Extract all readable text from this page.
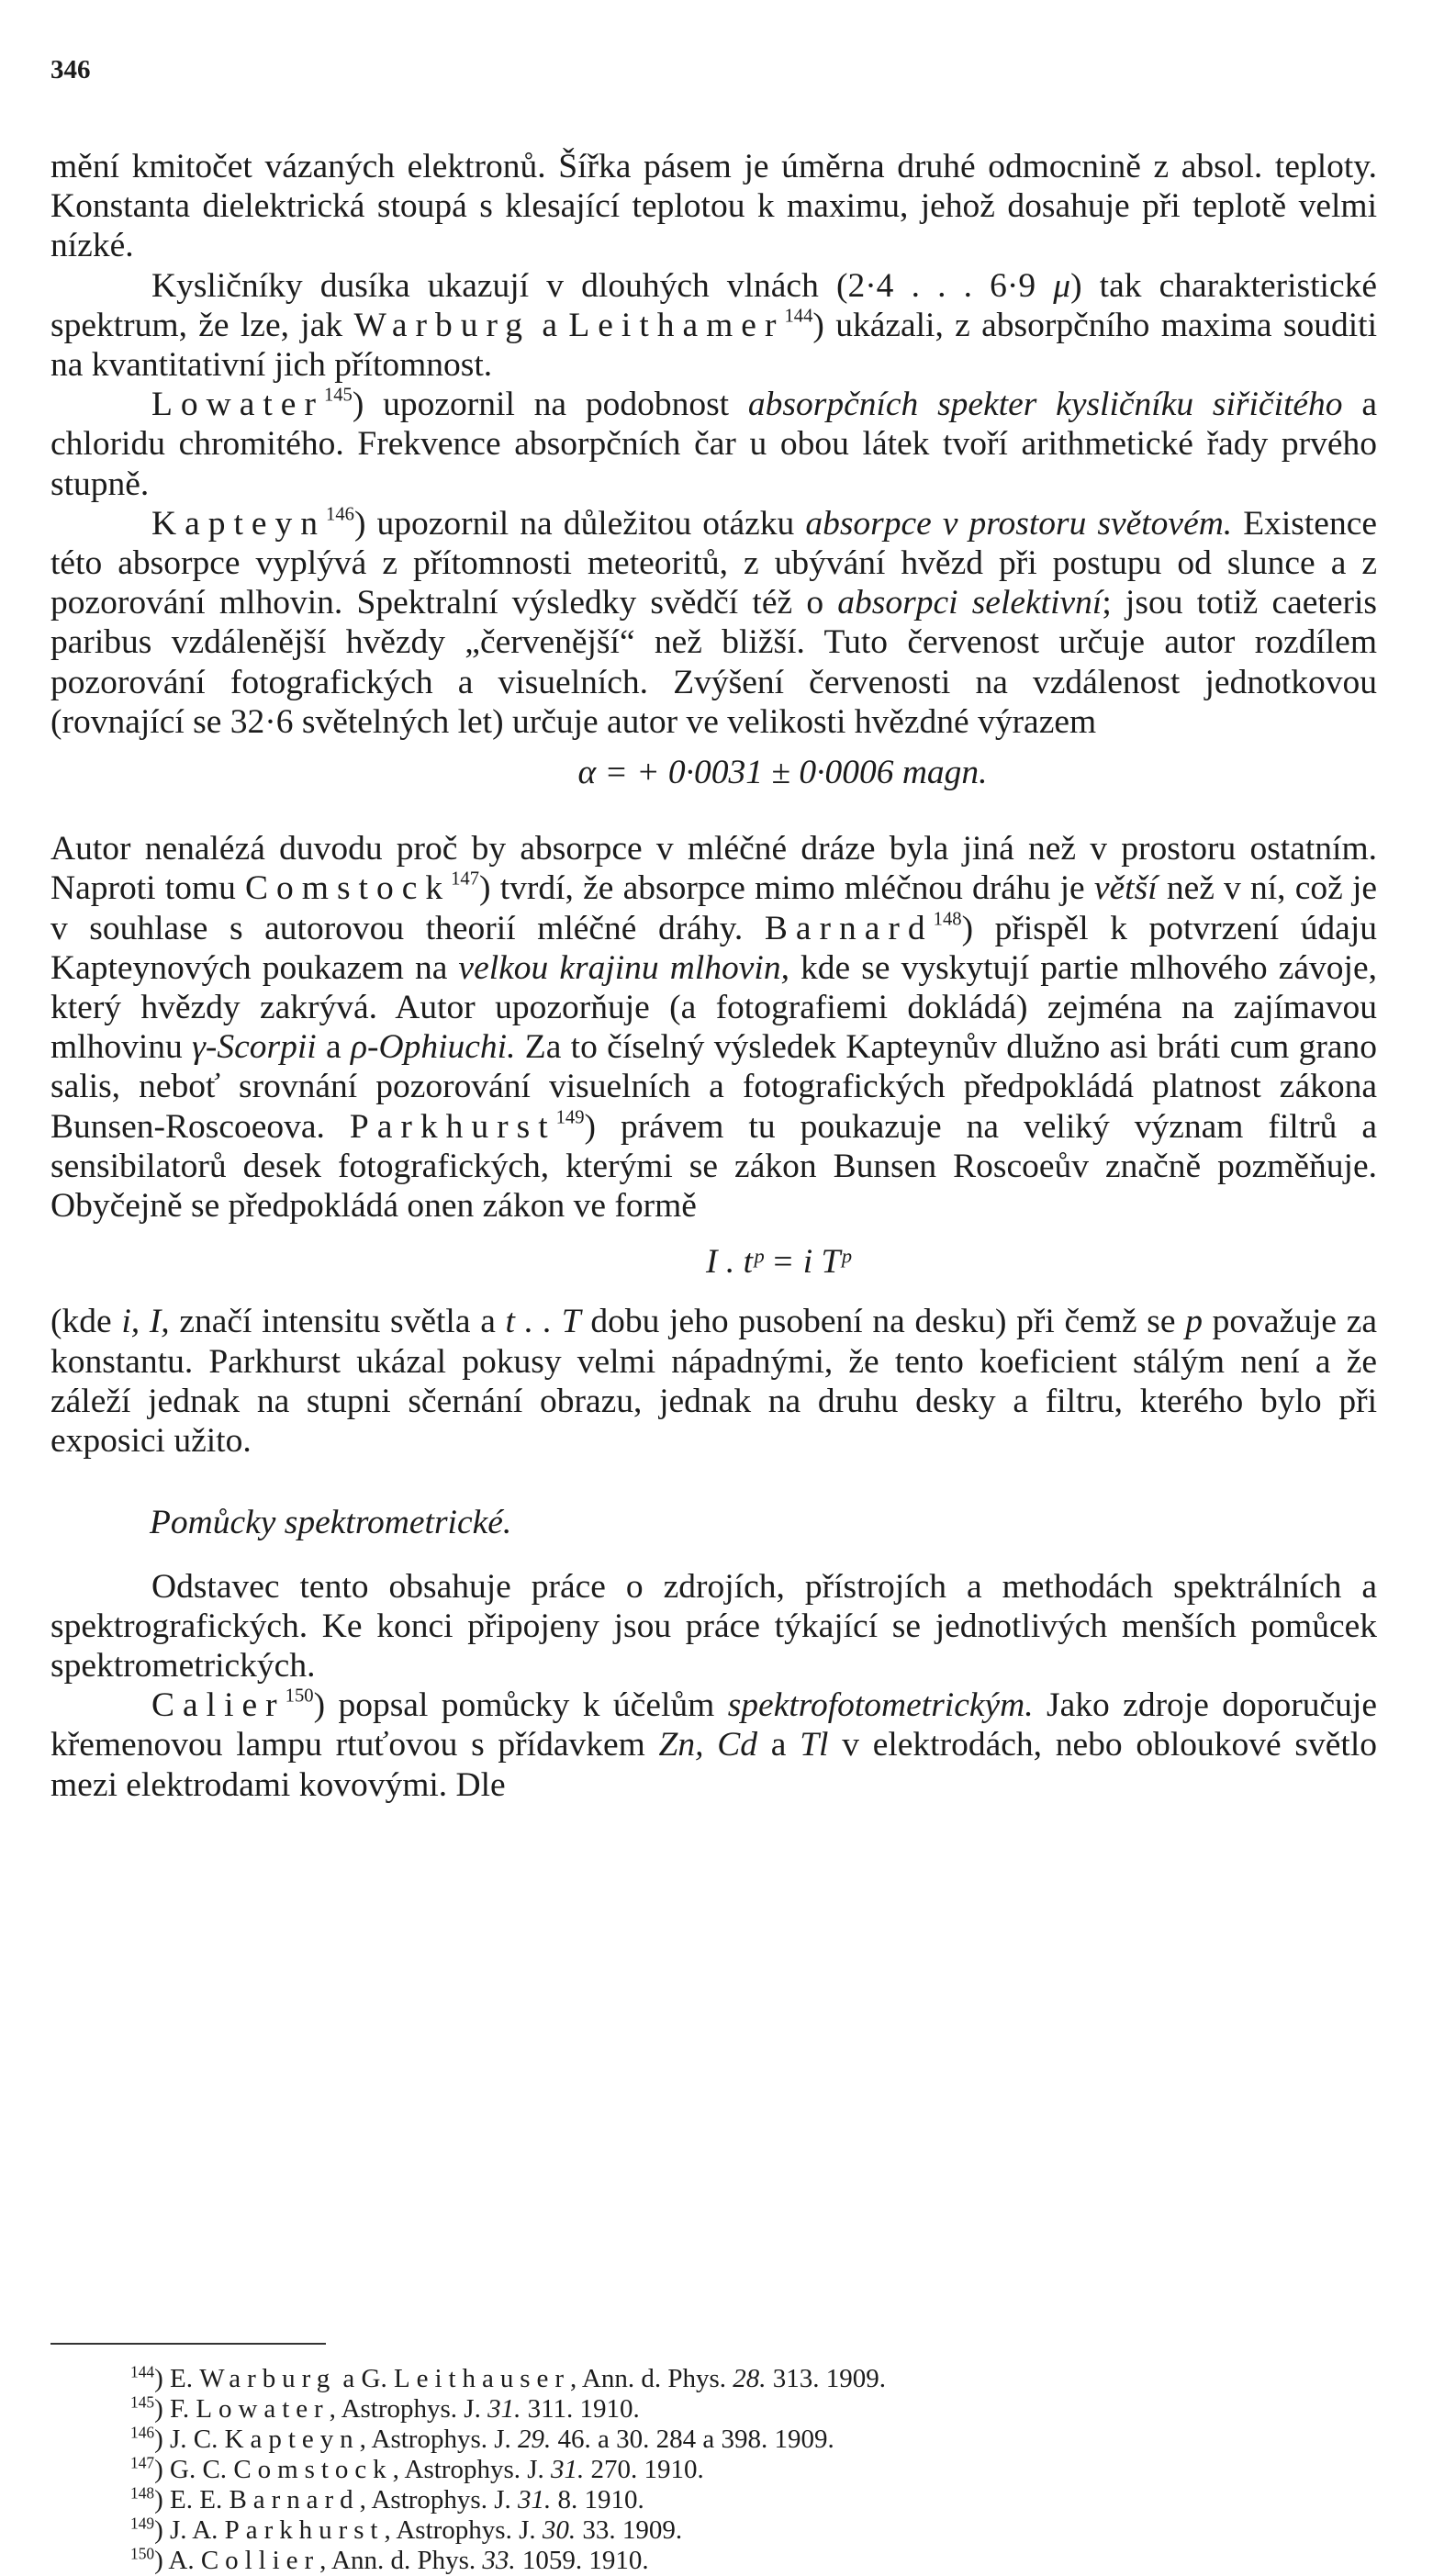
346

mění kmitočet vázaných elektronů. Šířka pásem je úměrna druhé odmocnině z absol. teploty. Konstanta dielektrická stoupá s klesající teplotou k maximu, jehož dosahuje při teplotě velmi nízké.

Kysličníky dusíka ukazují v dlouhých vlnách (2·4 . . . 6·9 μ) tak charakteristické spektrum, že lze, jak Warburg a Leithamer$^{144}$) ukázali, z absorpčního maxima souditi na kvantitativní jich přítomnost.

Lowater$^{145}$) upozornil na podobnost absorpčních spekter kysličníku siřičitého a chloridu chromitého. Frekvence absorpčních čar u obou látek tvoří arithmetické řady prvého stupně.

Kapteyn$^{146}$) upozornil na důležitou otázku absorpce v prostoru světovém. Existence této absorpce vyplývá z přítomnosti meteoritů, z ubývání hvězd při postupu od slunce a z pozorování mlhovin. Spektralní výsledky svědčí též o absorpci selektivní; jsou totiž caeteris paribus vzdálenější hvězdy „červenější“ než bližší. Tuto červenost určuje autor rozdílem pozorování fotografických a visuelních. Zvýšení červenosti na vzdálenost jednotkovou (rovnající se 32·6 světelných let) určuje autor ve velikosti hvězdné výrazem

α = + 0·0031 ± 0·0006 magn.

Autor nenalézá duvodu proč by absorpce v mléčné dráze byla jiná než v prostoru ostatním. Naproti tomu Comstock$^{147}$) tvrdí, že absorpce mimo mléčnou dráhu je větší než v ní, což je v souhlase s autorovou theorií mléčné dráhy. Barnard$^{148}$) přispěl k potvrzení údaju Kapteynových poukazem na velkou krajinu mlhovin, kde se vyskytují partie mlhového závoje, který hvězdy zakrývá. Autor upozorňuje (a fotografiemi dokládá) zejména na zajímavou mlhovinu γ-Scorpii a ρ-Ophiuchi. Za to číselný výsledek Kapteynův dlužno asi bráti cum grano salis, neboť srovnání pozorování visuelních a fotografických předpokládá platnost zákona Bunsen-Roscoeova. Parkhurst$^{149}$) právem tu poukazuje na veliký význam filtrů a sensibilatorů desek fotografických, kterými se zákon Bunsen Roscoeův značně pozměňuje. Obyčejně se předpokládá onen zákon ve formě

I . tᵖ = i Tᵖ

(kde i, I, značí intensitu světla a t . . T dobu jeho pusobení na desku) při čemž se p považuje za konstantu. Parkhurst ukázal pokusy velmi nápadnými, že tento koeficient stálým není a že záleží jednak na stupni sčernání obrazu, jednak na druhu desky a filtru, kterého bylo při exposici užito.

Pomůcky spektrometrické.

Odstavec tento obsahuje práce o zdrojích, přístrojích a methodách spektrálních a spektrografických. Ke konci připojeny jsou práce týkající se jednotlivých menších pomůcek spektrometrických.

Calier$^{150}$) popsal pomůcky k účelům spektrofotometrickým. Jako zdroje doporučuje křemenovou lampu rtuťovou s přídavkem Zn, Cd a Tl v elektrodách, nebo obloukové světlo mezi elektrodami kovovými. Dle

$^{144}$) E. Warburg a G. Leithauser, Ann. d. Phys. 28. 313. 1909.
$^{145}$) F. Lowater, Astrophys. J. 31. 311. 1910.
$^{146}$) J. C. Kapteyn, Astrophys. J. 29. 46. a 30. 284 a 398. 1909.
$^{147}$) G. C. Comstock, Astrophys. J. 31. 270. 1910.
$^{148}$) E. E. Barnard, Astrophys. J. 31. 8. 1910.
$^{149}$) J. A. Parkhurst, Astrophys. J. 30. 33. 1909.
$^{150}$) A. Collier, Ann. d. Phys. 33. 1059. 1910.
